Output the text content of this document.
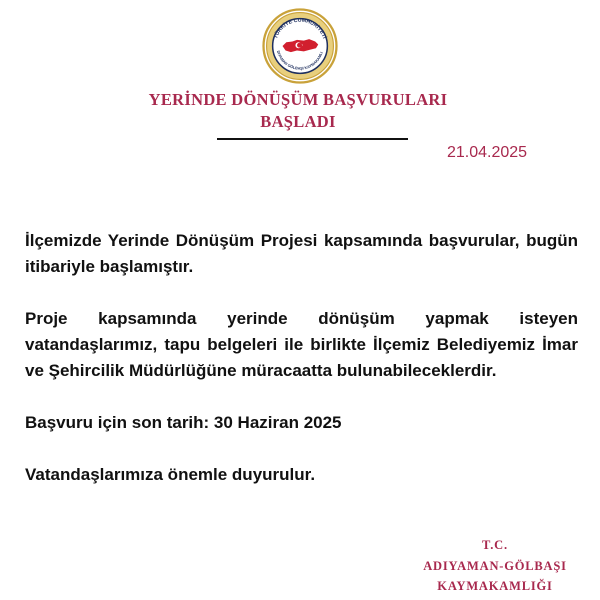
TÜRKİYE CUMHURİYETİ
DIYAMAN GÖLBAŞI KAYMAKAMLI
YERİNDE DÖNÜŞÜM BAŞVURULARI
BAŞLADI
21.04.2025

İlçemizde Yerinde Dönüşüm Projesi kapsamında başvurular, bugün itibariyle başlamıştır.

Proje kapsamında yerinde dönüşüm yapmak isteyen vatandaşlarımız, tapu belgeleri ile birlikte İlçemiz Belediyemiz İmar ve Şehircilik Müdürlüğüne müracaatta bulunabileceklerdir.

Başvuru için son tarih: 30 Haziran 2025

Vatandaşlarımıza önemle duyurulur.

T.C.
ADIYAMAN-GÖLBAŞI
KAYMAKAMLIĞI
